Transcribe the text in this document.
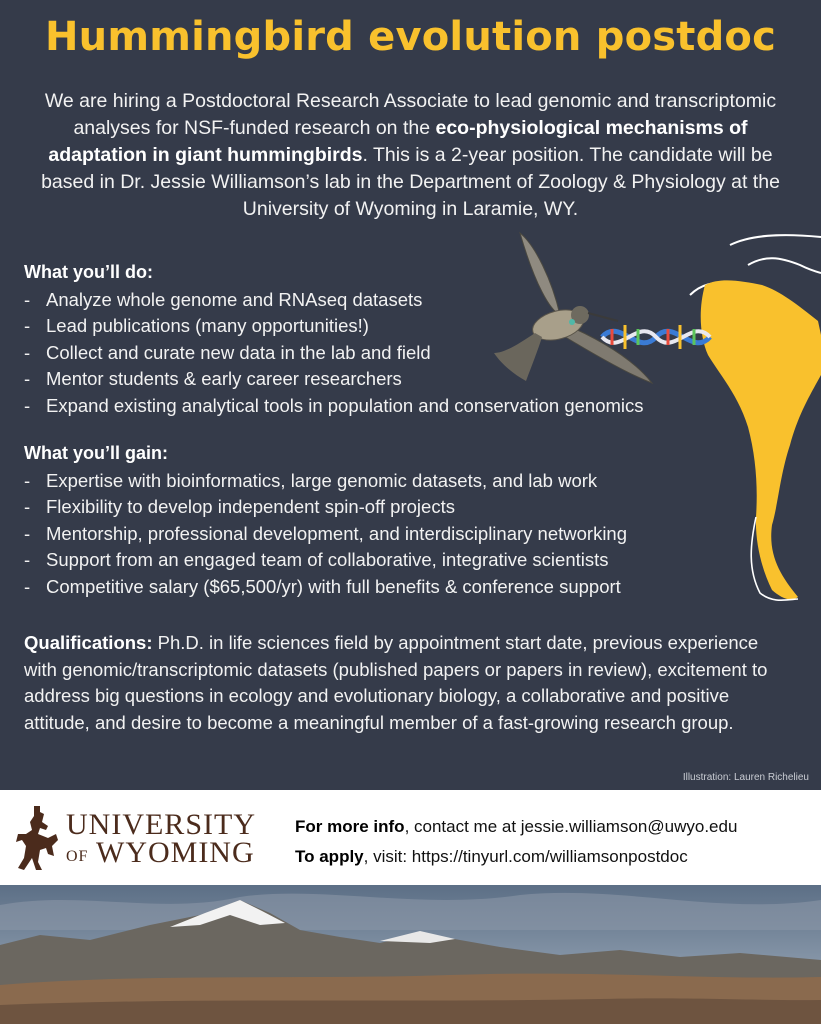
Hummingbird evolution postdoc
We are hiring a Postdoctoral Research Associate to lead genomic and transcriptomic analyses for NSF-funded research on the eco-physiological mechanisms of adaptation in giant hummingbirds. This is a 2-year position. The candidate will be based in Dr. Jessie Williamson’s lab in the Department of Zoology & Physiology at the University of Wyoming in Laramie, WY.
What you’ll do:
- Analyze whole genome and RNAseq datasets
- Lead publications (many opportunities!)
- Collect and curate new data in the lab and field
- Mentor students & early career researchers
- Expand existing analytical tools in population and conservation genomics
What you’ll gain:
- Expertise with bioinformatics, large genomic datasets, and lab work
- Flexibility to develop independent spin-off projects
- Mentorship, professional development, and interdisciplinary networking
- Support from an engaged team of collaborative, integrative scientists
- Competitive salary ($65,500/yr) with full benefits & conference support
Qualifications: Ph.D. in life sciences field by appointment start date, previous experience with genomic/transcriptomic datasets (published papers or papers in review), excitement to address big questions in ecology and evolutionary biology, a collaborative and positive attitude, and desire to become a meaningful member of a fast-growing research group.
Illustration: Lauren Richelieu
UNIVERSITY
OF WYOMING
For more info, contact me at jessie.williamson@uwyo.edu
To apply, visit: https://tinyurl.com/williamsonpostdoc
